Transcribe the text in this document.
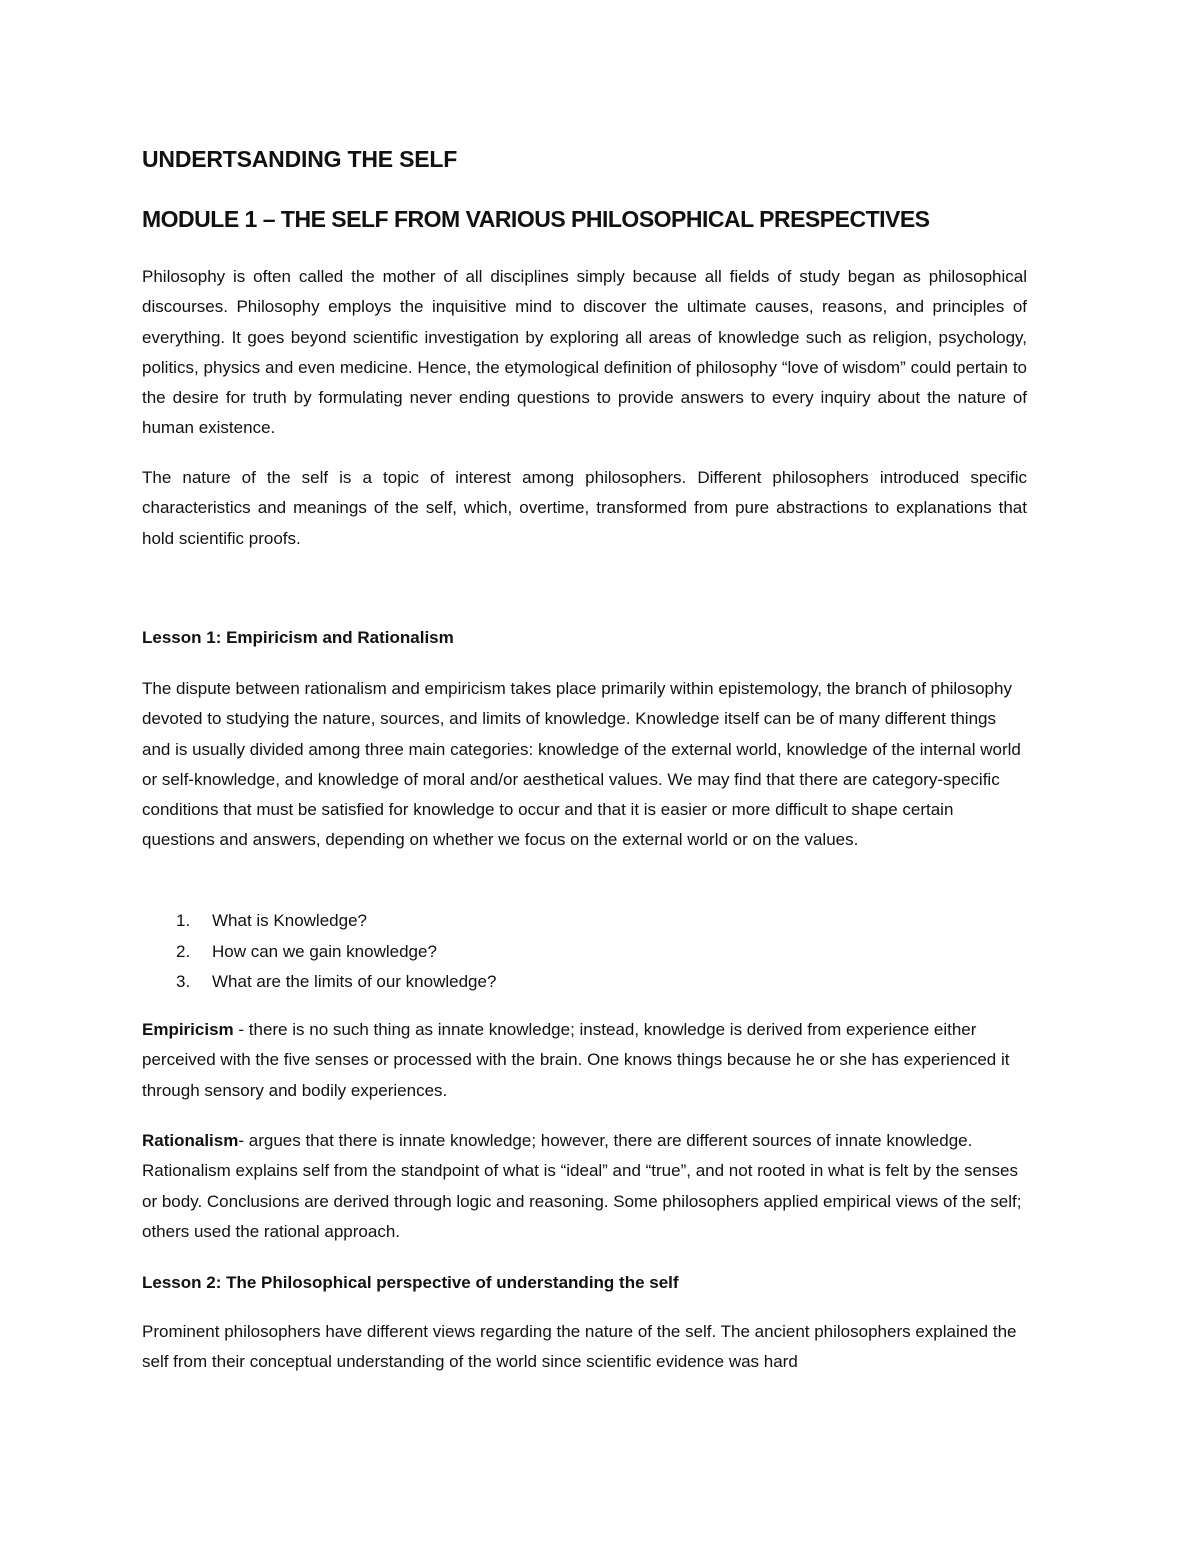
UNDERTSANDING THE SELF
MODULE 1 – THE SELF FROM VARIOUS PHILOSOPHICAL PRESPECTIVES

Philosophy is often called the mother of all disciplines simply because all fields of study began as philosophical discourses. Philosophy employs the inquisitive mind to discover the ultimate causes, reasons, and principles of everything. It goes beyond scientific investigation by exploring all areas of knowledge such as religion, psychology, politics, physics and even medicine. Hence, the etymological definition of philosophy “love of wisdom” could pertain to the desire for truth by formulating never ending questions to provide answers to every inquiry about the nature of human existence.

The nature of the self is a topic of interest among philosophers. Different philosophers introduced specific characteristics and meanings of the self, which, overtime, transformed from pure abstractions to explanations that hold scientific proofs.

Lesson 1: Empiricism and Rationalism

The dispute between rationalism and empiricism takes place primarily within epistemology, the branch of philosophy devoted to studying the nature, sources, and limits of knowledge. Knowledge itself can be of many different things and is usually divided among three main categories: knowledge of the external world, knowledge of the internal world or self-knowledge, and knowledge of moral and/or aesthetical values. We may find that there are category-specific conditions that must be satisfied for knowledge to occur and that it is easier or more difficult to shape certain questions and answers, depending on whether we focus on the external world or on the values.

1. What is Knowledge?
2. How can we gain knowledge?
3. What are the limits of our knowledge?

Empiricism - there is no such thing as innate knowledge; instead, knowledge is derived from experience either perceived with the five senses or processed with the brain. One knows things because he or she has experienced it through sensory and bodily experiences.

Rationalism- argues that there is innate knowledge; however, there are different sources of innate knowledge. Rationalism explains self from the standpoint of what is “ideal” and “true”, and not rooted in what is felt by the senses or body. Conclusions are derived through logic and reasoning. Some philosophers applied empirical views of the self; others used the rational approach.

Lesson 2: The Philosophical perspective of understanding the self

Prominent philosophers have different views regarding the nature of the self. The ancient philosophers explained the self from their conceptual understanding of the world since scientific evidence was hard
